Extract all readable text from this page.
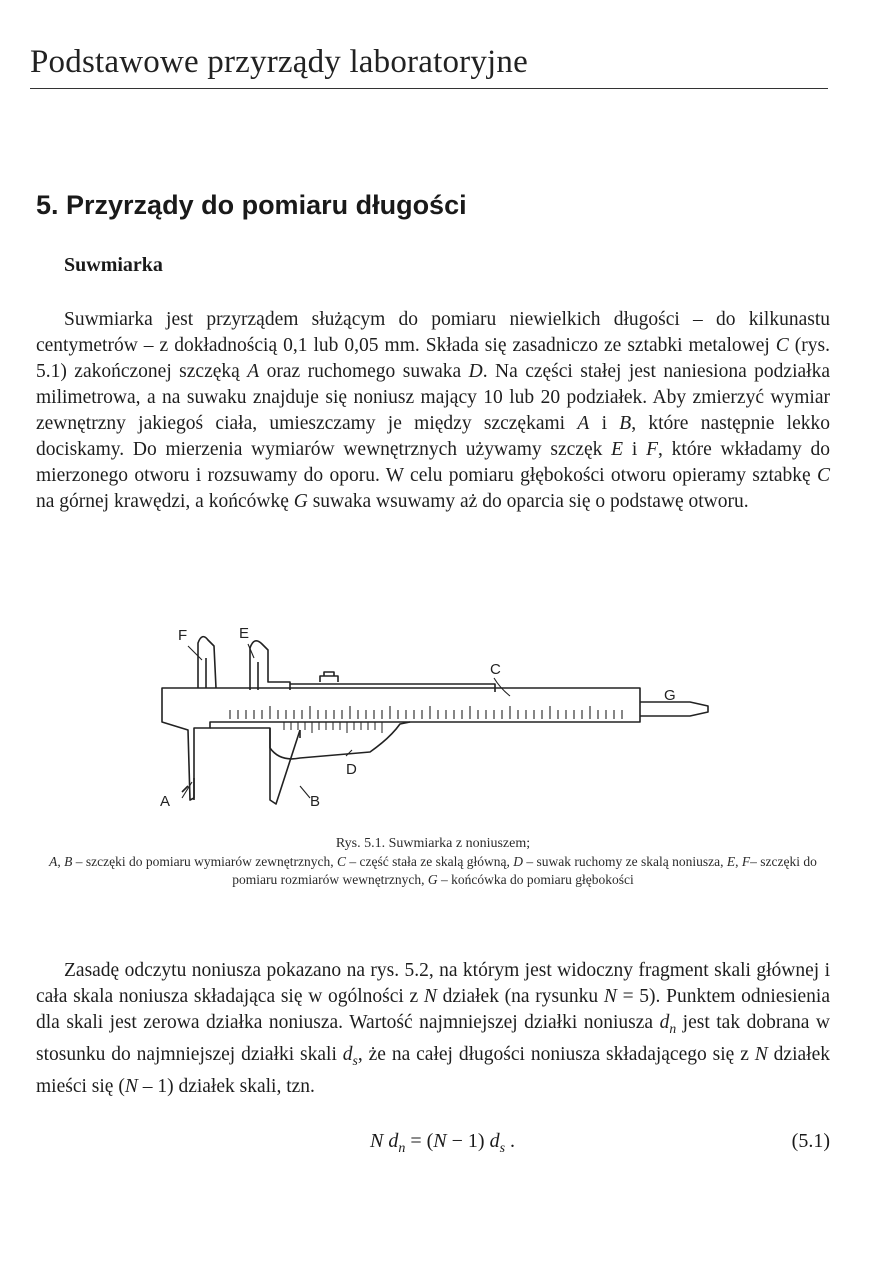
Podstawowe przyrządy laboratoryjne
5. Przyrządy do pomiaru długości
Suwmiarka

Suwmiarka jest przyrządem służącym do pomiaru niewielkich długości – do kilkunastu centymetrów – z dokładnością 0,1 lub 0,05 mm. Składa się zasadniczo ze sztabki metalowej C (rys. 5.1) zakończonej szczęką A oraz ruchomego suwaka D. Na części stałej jest naniesiona podziałka milimetrowa, a na suwaku znajduje się noniusz mający 10 lub 20 podziałek. Aby zmierzyć wymiar zewnętrzny jakiegoś ciała, umieszczamy je między szczękami A i B, które następnie lekko dociskamy. Do mierzenia wymiarów wewnętrznych używamy szczęk E i F, które wkładamy do mierzonego otworu i rozsuwamy do oporu. W celu pomiaru głębokości otworu opieramy sztabkę C na górnej krawędzi, a końcówkę G suwaka wsuwamy aż do oparcia się o podstawę otworu.

F	E
C
G
D
A	B
Rys. 5.1. Suwmiarka z noniuszem;
A, B – szczęki do pomiaru wymiarów zewnętrznych, C – część stała ze skalą główną, D – suwak ruchomy ze skalą noniusza, E, F– szczęki do pomiaru rozmiarów wewnętrznych, G – końcówka do pomiaru głębokości

Zasadę odczytu noniusza pokazano na rys. 5.2, na którym jest widoczny fragment skali głównej i cała skala noniusza składająca się w ogólności z N działek (na rysunku N = 5). Punktem odniesienia dla skali jest zerowa działka noniusza. Wartość najmniejszej działki noniusza $d_n$ jest tak dobrana w stosunku do najmniejszej działki skali $d_s$, że na całej długości noniusza składającego się z N działek mieści się (N – 1) działek skali, tzn.

N $d_n = (N - 1)$ $d_s$ .	(5.1)
